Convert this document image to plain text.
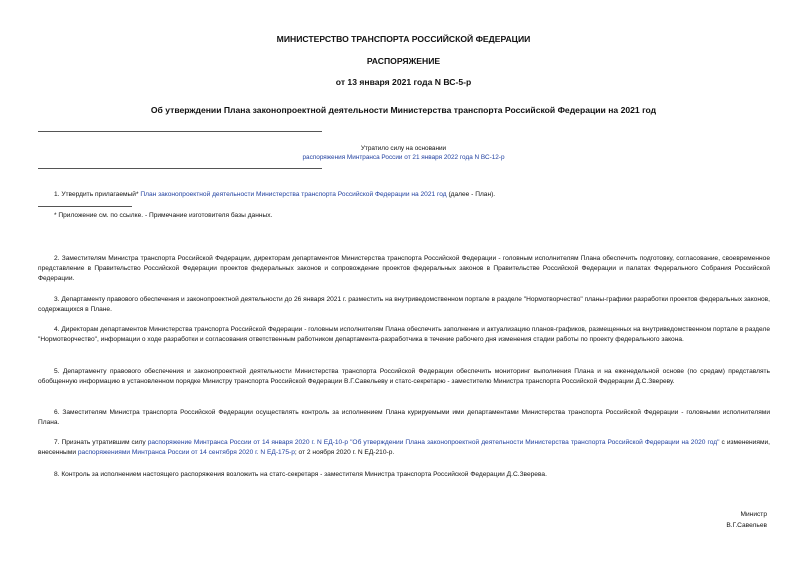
МИНИСТЕРСТВО ТРАНСПОРТА РОССИЙСКОЙ ФЕДЕРАЦИИ
РАСПОРЯЖЕНИЕ
от 13 января 2021 года N ВС-5-р
Об утверждении Плана законопроектной деятельности Министерства транспорта Российской Федерации на 2021 год
Утратило силу на основании
распоряжения Минтранса России от 21 января 2022 года N ВС-12-р
1. Утвердить прилагаемый* План законопроектной деятельности Министерства транспорта Российской Федерации на 2021 год (далее - План).
* Приложение см. по ссылке. - Примечание изготовителя базы данных.
2. Заместителям Министра транспорта Российской Федерации, директорам департаментов Министерства транспорта Российской Федерации - головным исполнителям Плана обеспечить подготовку, согласование, своевременное представление в Правительство Российской Федерации проектов федеральных законов и сопровождение проектов федеральных законов в Правительстве Российской Федерации и палатах Федерального Собрания Российской Федерации.
3. Департаменту правового обеспечения и законопроектной деятельности до 26 января 2021 г. разместить на внутриведомственном портале в разделе "Нормотворчество" планы-графики разработки проектов федеральных законов, содержащихся в Плане.
4. Директорам департаментов Министерства транспорта Российской Федерации - головным исполнителям Плана обеспечить заполнение и актуализацию планов-графиков, размещенных на внутриведомственном портале в разделе "Нормотворчество", информации о ходе разработки и согласования ответственным работником департамента-разработчика в течение рабочего дня изменения стадии работы по проекту федерального закона.
5. Департаменту правового обеспечения и законопроектной деятельности Министерства транспорта Российской Федерации обеспечить мониторинг выполнения Плана и на еженедельной основе (по средам) представлять обобщенную информацию в установленном порядке Министру транспорта Российской Федерации В.Г.Савельеву и статс-секретарю - заместителю Министра транспорта Российской Федерации Д.С.Звереву.
6. Заместителям Министра транспорта Российской Федерации осуществлять контроль за исполнением Плана курируемыми ими департаментами Министерства транспорта Российской Федерации - головными исполнителями Плана.
7. Признать утратившим силу распоряжение Минтранса России от 14 января 2020 г. N ЕД-10-р "Об утверждении Плана законопроектной деятельности Министерства транспорта Российской Федерации на 2020 год" с изменениями, внесенными распоряжениями Минтранса России от 14 сентября 2020 г. N ЕД-175-р; от 2 ноября 2020 г. N ЕД-210-р.
8. Контроль за исполнением настоящего распоряжения возложить на статс-секретаря - заместителя Министра транспорта Российской Федерации Д.С.Зверева.
Министр
В.Г.Савельев
